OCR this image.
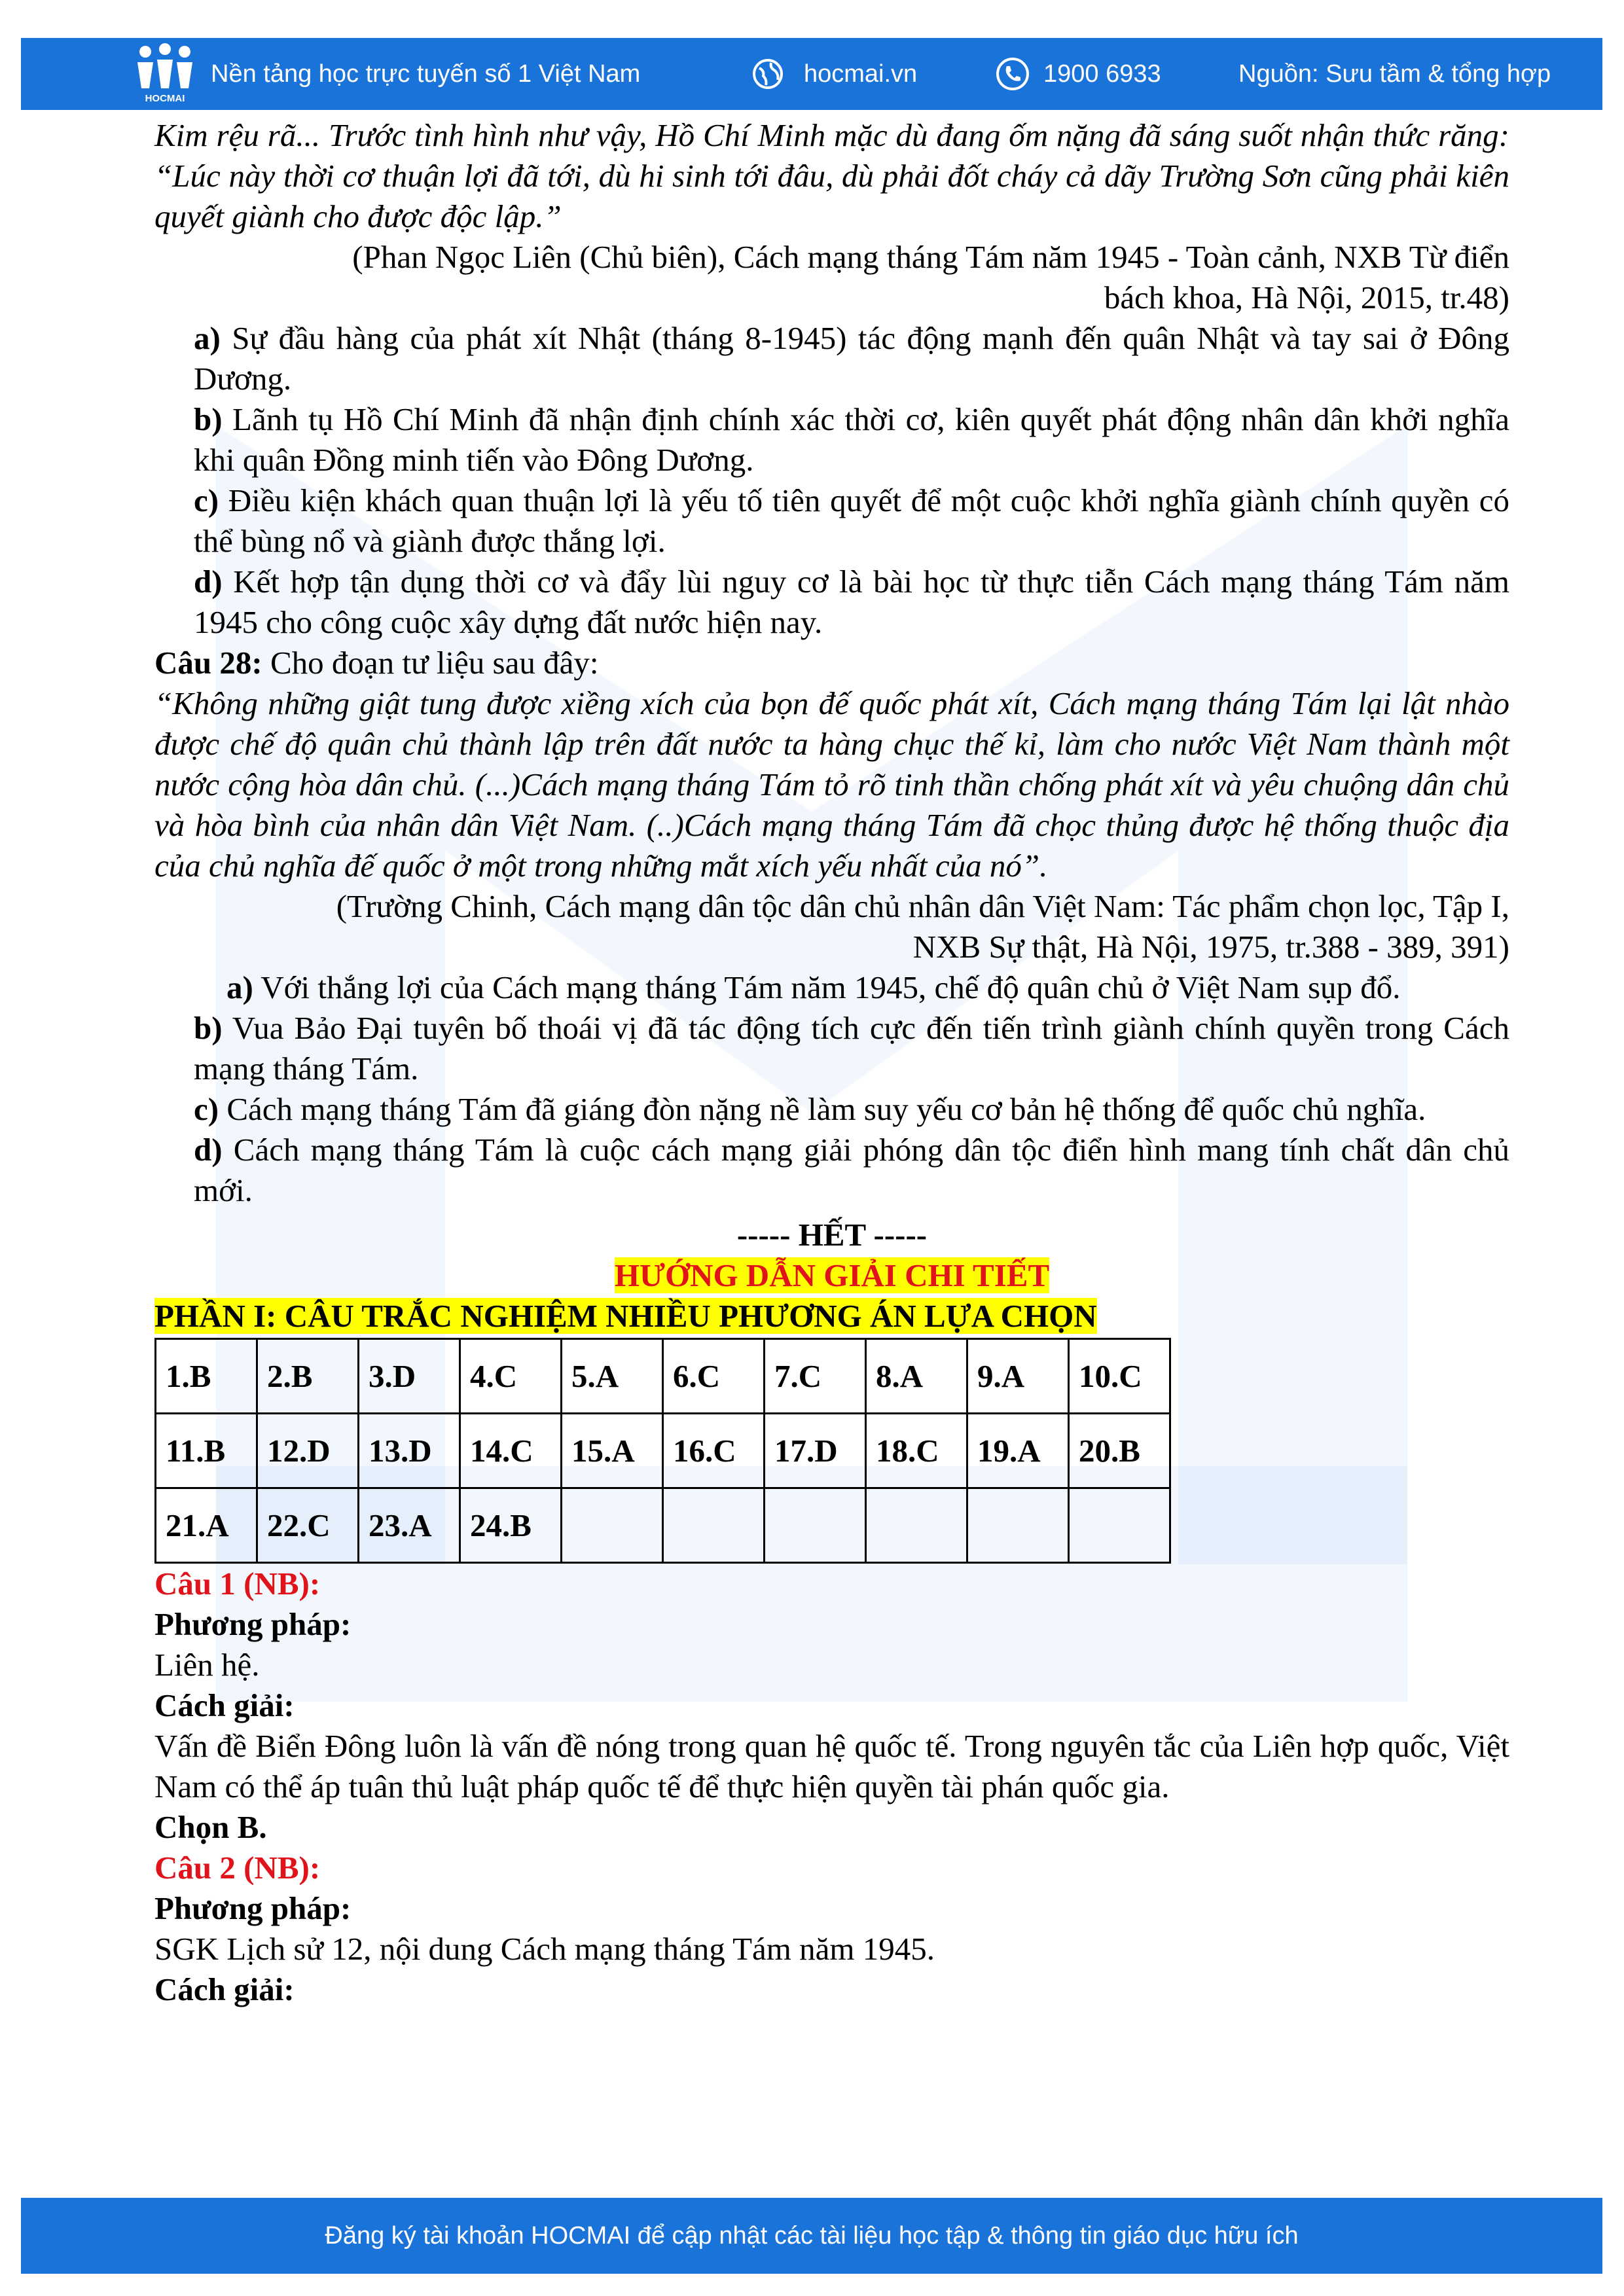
HOCMAI
Nền tảng học trực tuyến số 1 Việt Nam	hocmai.vn	1900 6933	Nguồn: Sưu tầm & tổng hợp

Kim rệu rã... Trước tình hình như vậy, Hồ Chí Minh mặc dù đang ốm nặng đã sáng suốt nhận thức răng: “Lúc này thời cơ thuận lợi đã tới, dù hi sinh tới đâu, dù phải đốt cháy cả dãy Trường Sơn cũng phải kiên quyết giành cho được độc lập.”

(Phan Ngọc Liên (Chủ biên), Cách mạng tháng Tám năm 1945 - Toàn cảnh, NXB Từ điển

bách khoa, Hà Nội, 2015, tr.48)

a) Sự đầu hàng của phát xít Nhật (tháng 8-1945) tác động mạnh đến quân Nhật và tay sai ở Đông Dương.

b) Lãnh tụ Hồ Chí Minh đã nhận định chính xác thời cơ, kiên quyết phát động nhân dân khởi nghĩa khi quân Đồng minh tiến vào Đông Dương.

c) Điều kiện khách quan thuận lợi là yếu tố tiên quyết để một cuộc khởi nghĩa giành chính quyền có thể bùng nổ và giành được thắng lợi.

d) Kết hợp tận dụng thời cơ và đẩy lùi nguy cơ là bài học từ thực tiễn Cách mạng tháng Tám năm 1945 cho công cuộc xây dựng đất nước hiện nay.

Câu 28: Cho đoạn tư liệu sau đây:

“Không những giật tung được xiềng xích của bọn đế quốc phát xít, Cách mạng tháng Tám lại lật nhào được chế độ quân chủ thành lập trên đất nước ta hàng chục thế kỉ, làm cho nước Việt Nam thành một nước cộng hòa dân chủ. (...)Cách mạng tháng Tám tỏ rõ tinh thần chống phát xít và yêu chuộng dân chủ và hòa bình của nhân dân Việt Nam. (..)Cách mạng tháng Tám đã chọc thủng được hệ thống thuộc địa của chủ nghĩa đế quốc ở một trong những mắt xích yếu nhất của nó”.

(Trường Chinh, Cách mạng dân tộc dân chủ nhân dân Việt Nam: Tác phẩm chọn lọc, Tập I,

NXB Sự thật, Hà Nội, 1975, tr.388 - 389, 391)

a) Với thắng lợi của Cách mạng tháng Tám năm 1945, chế độ quân chủ ở Việt Nam sụp đổ.

b) Vua Bảo Đại tuyên bố thoái vị đã tác động tích cực đến tiến trình giành chính quyền trong Cách mạng tháng Tám.

c) Cách mạng tháng Tám đã giáng đòn nặng nề làm suy yếu cơ bản hệ thống để quốc chủ nghĩa.

d) Cách mạng tháng Tám là cuộc cách mạng giải phóng dân tộc điển hình mang tính chất dân chủ mới.

----- HẾT -----

HƯỚNG DẪN GIẢI CHI TIẾT

PHẦN I: CÂU TRẮC NGHIỆM NHIỀU PHƯƠNG ÁN LỰA CHỌN

1.B	2.B	3.D	4.C	5.A	6.C	7.C	8.A	9.A	10.C
11.B	12.D	13.D	14.C	15.A	16.C	17.D	18.C	19.A	20.B
21.A	22.C	23.A	24.B						

Câu 1 (NB):

Phương pháp:

Liên hệ.

Cách giải:

Vấn đề Biển Đông luôn là vấn đề nóng trong quan hệ quốc tế. Trong nguyên tắc của Liên hợp quốc, Việt Nam có thể áp tuân thủ luật pháp quốc tế để thực hiện quyền tài phán quốc gia.

Chọn B.

Câu 2 (NB):

Phương pháp:

SGK Lịch sử 12, nội dung Cách mạng tháng Tám năm 1945.

Cách giải:

Đăng ký tài khoản HOCMAI để cập nhật các tài liệu học tập & thông tin giáo dục hữu ích
